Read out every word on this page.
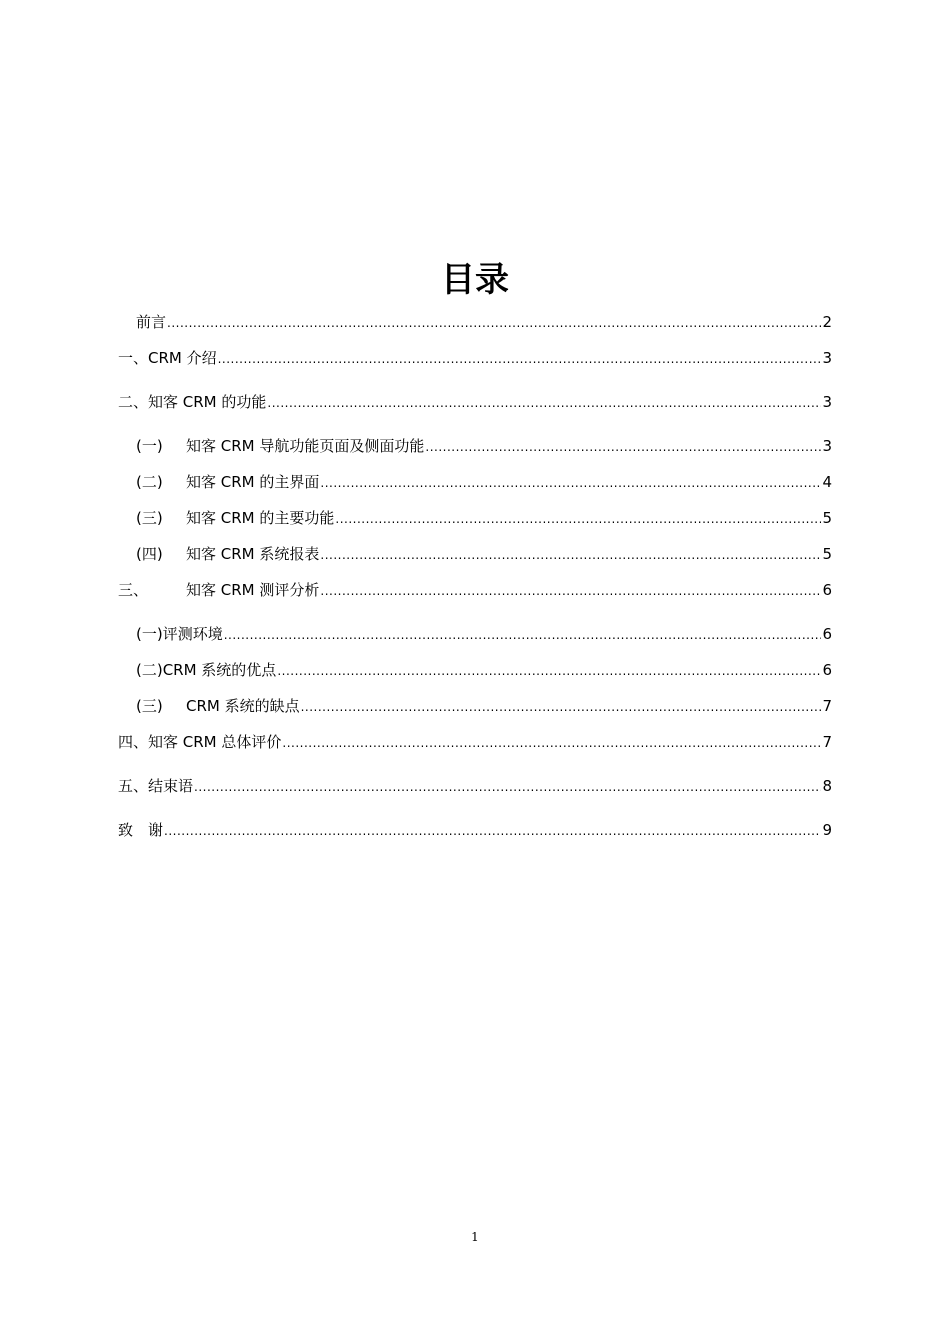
目录
前言 .....	2
一、CRM 介绍 .....	3
二、知客 CRM 的功能 .....	3
(一)	知客 CRM 导航功能页面及侧面功能 .....	3
(二)	知客 CRM 的主界面 .....	4
(三)	知客 CRM 的主要功能 .....	5
(四)	知客 CRM 系统报表 .....	5
三、	知客 CRM 测评分析 .....	6
(一)评测环境 .....	6
(二)CRM 系统的优点 .....	6
(三)	CRM 系统的缺点 .....	7
四、知客 CRM 总体评价 .....	7
五、结束语 .....	8
致　谢 .....	9
1
